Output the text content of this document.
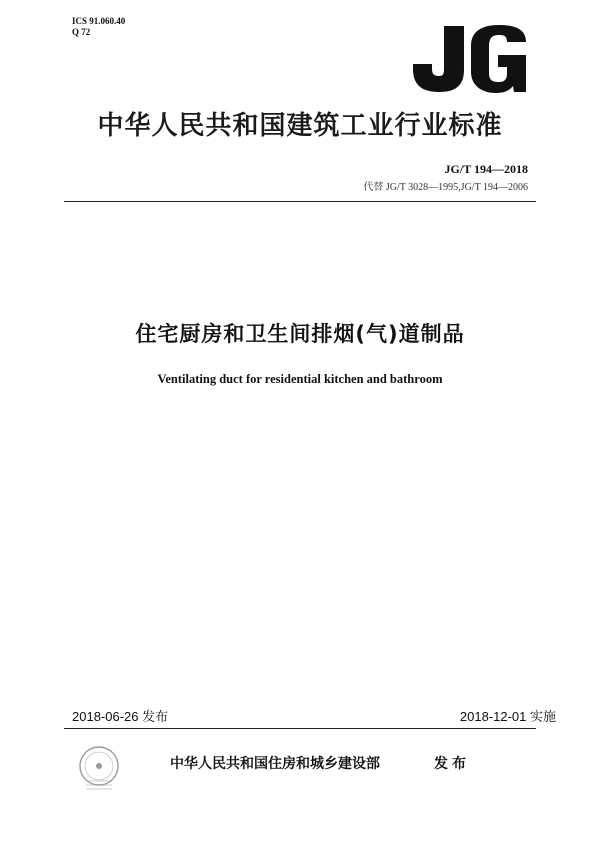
ICS 91.060.40
Q 72
中华人民共和国建筑工业行业标准
JG/T 194—2018
代替 JG/T 3028—1995,JG/T 194—2006
住宅厨房和卫生间排烟(气)道制品
Ventilating duct for residential kitchen and bathroom
2018-06-26 发布	2018-12-01 实施
中华人民共和国住房和城乡建设部	发布
